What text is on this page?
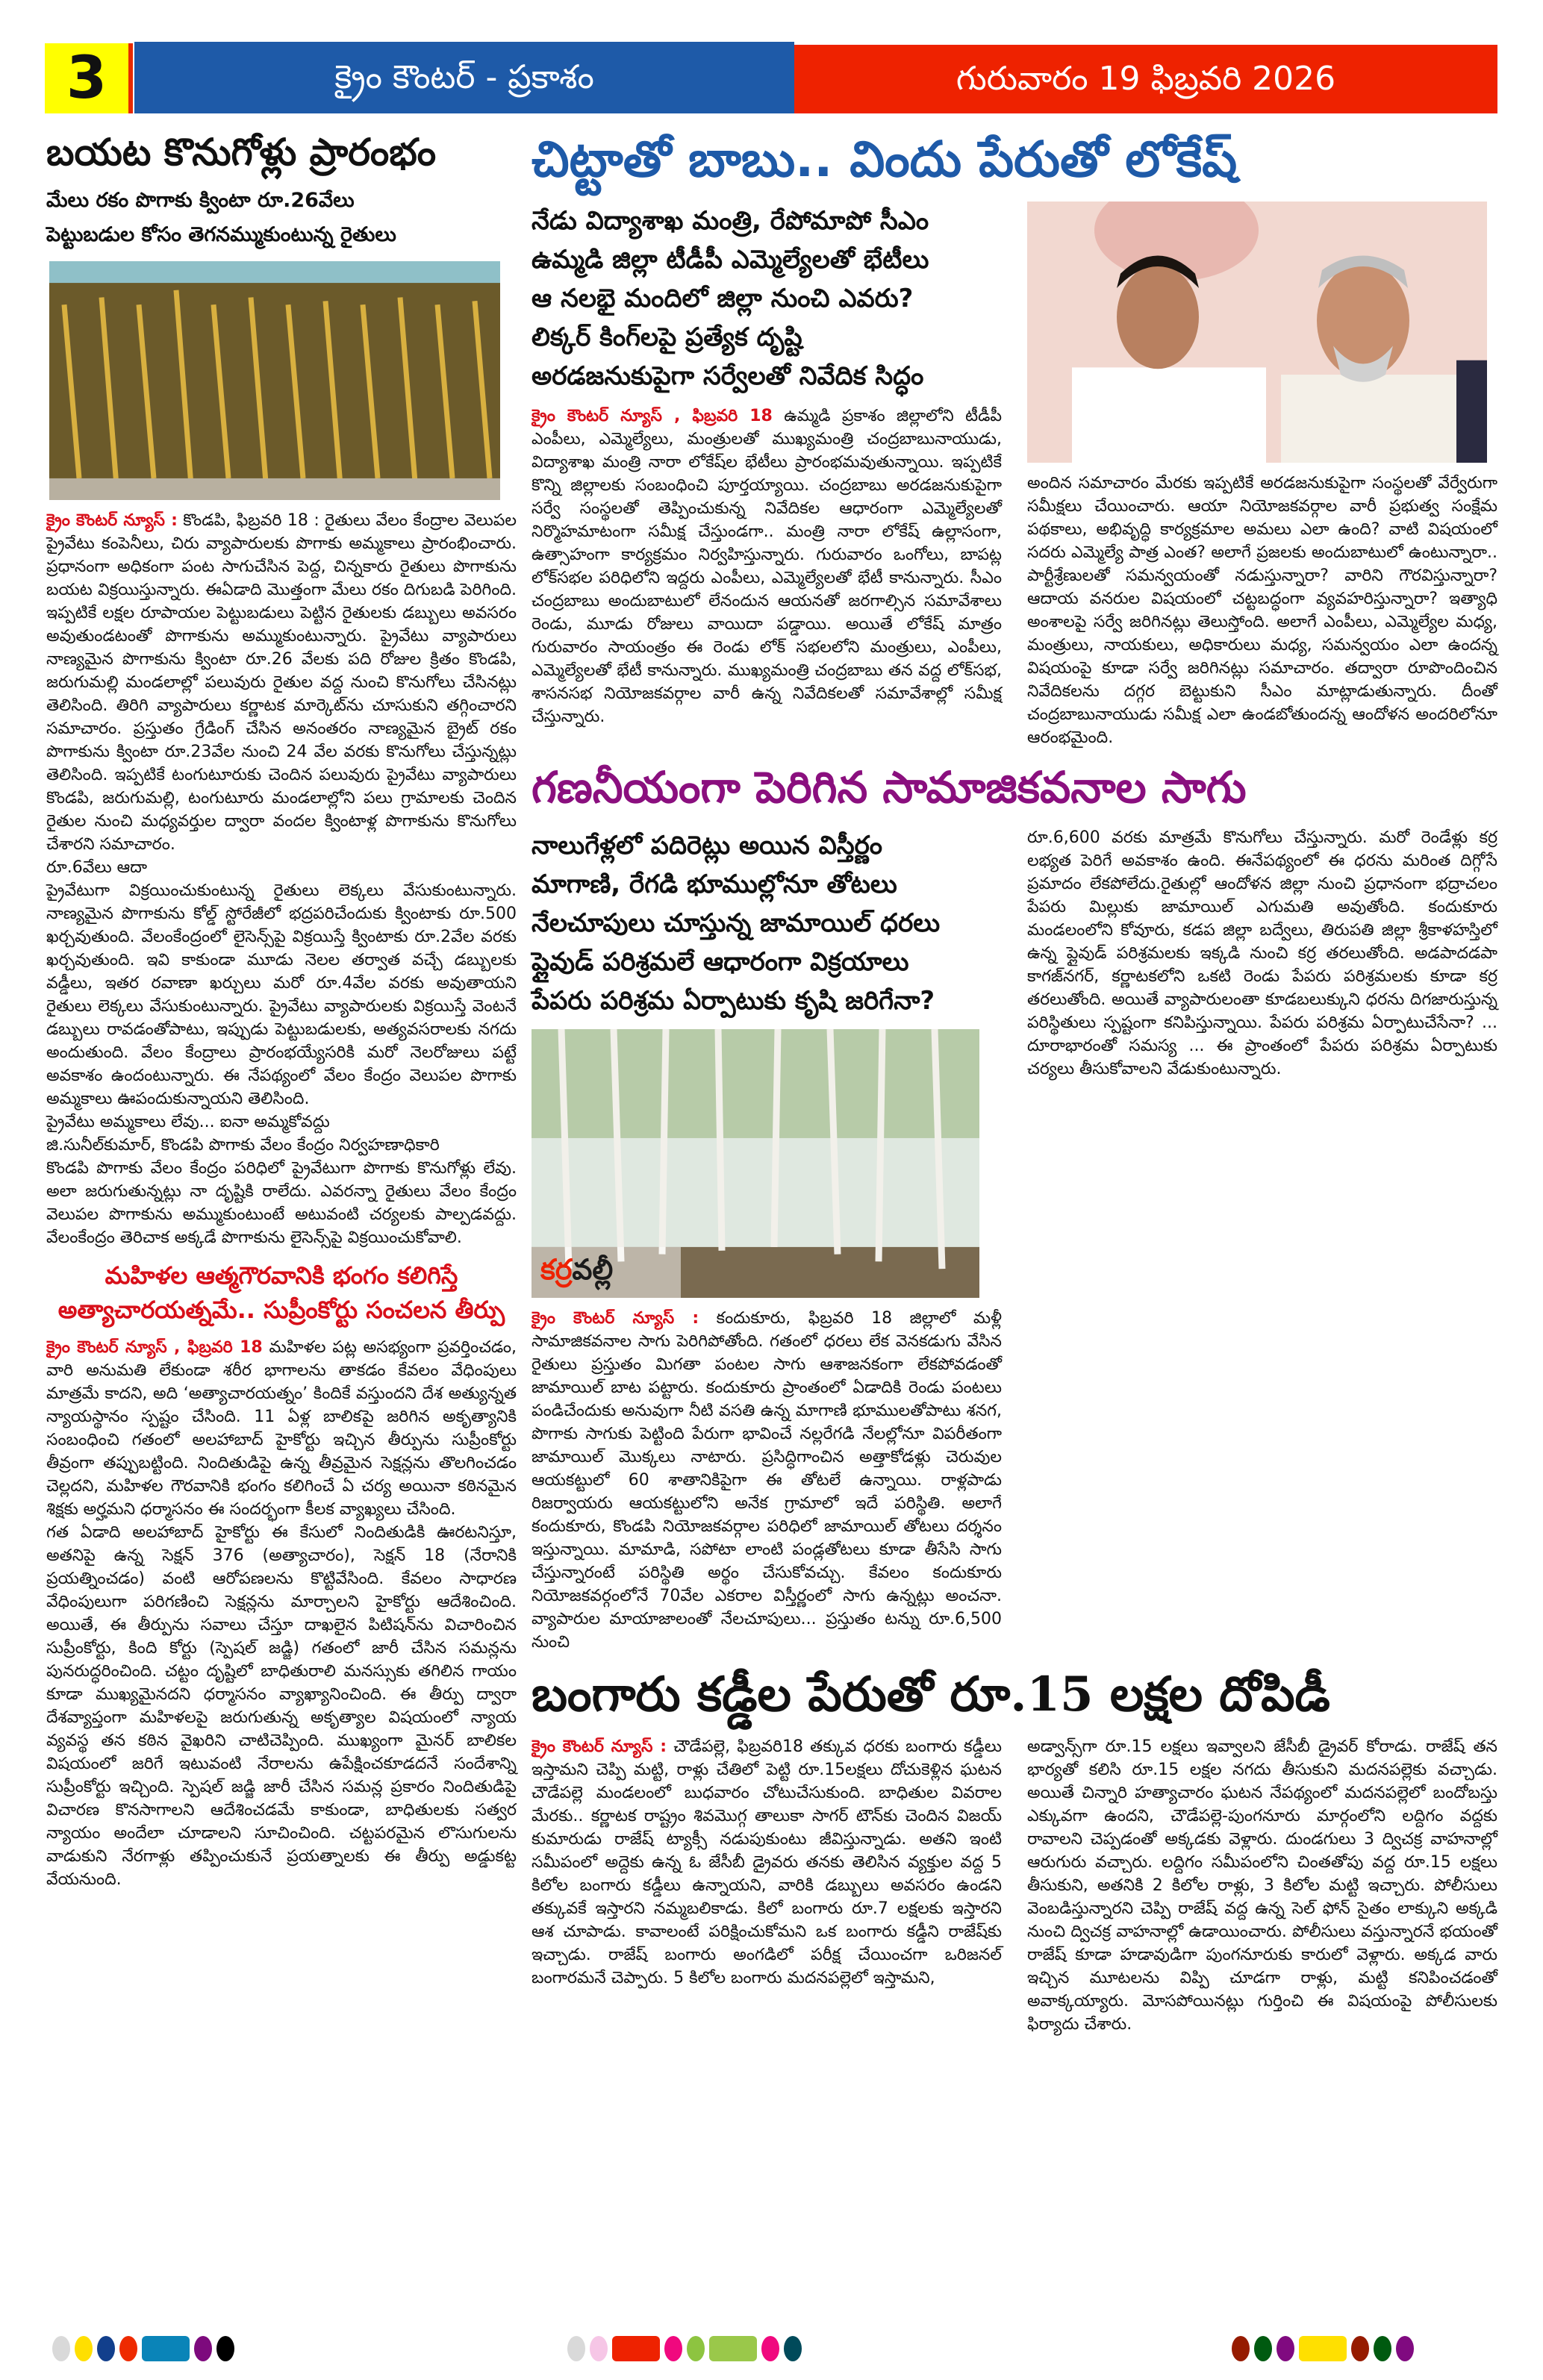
3	క్రైం కౌంటర్ - ప్రకాశం	గురువారం 19 ఫిబ్రవరి 2026
బయట కొనుగోళ్లు ప్రారంభం
మేలు రకం పొగాకు క్వింటా రూ.26వేలు
పెట్టుబడుల కోసం తెగనమ్ముకుంటున్న రైతులు

క్రైం కౌంటర్ న్యూస్ : కొండపి, ఫిబ్రవరి 18 : రైతులు వేలం కేంద్రాల వెలుపల ప్రైవేటు కంపెనీలు, చిరు వ్యాపారులకు పొగాకు అమ్మకాలు ప్రారంభించారు. ప్రధానంగా అధికంగా పంట సాగుచేసిన పెద్ద, చిన్నకారు రైతులు పొగాకును బయట విక్రయిస్తున్నారు. ఈఏడాది మొత్తంగా మేలు రకం దిగుబడి పెరిగింది. ఇప్పటికే లక్షల రూపాయల పెట్టుబడులు పెట్టిన రైతులకు డబ్బులు అవసరం అవుతుండటంతో పొగాకును అమ్ముకుంటున్నారు. ప్రైవేటు వ్యాపారులు నాణ్యమైన పొగాకును క్వింటా రూ.26 వేలకు పది రోజుల క్రితం కొండపి, జరుగుమల్లి మండలాల్లో పలువురు రైతుల వద్ద నుంచి కొనుగోలు చేసినట్లు తెలిసింది. తిరిగి వ్యాపారులు కర్ణాటక మార్కెట్‌ను చూసుకుని తగ్గించారని సమాచారం. ప్రస్తుతం గ్రేడింగ్ చేసిన అనంతరం నాణ్యమైన బ్రైట్ రకం పొగాకును క్వింటా రూ.23వేల నుంచి 24 వేల వరకు కొనుగోలు చేస్తున్నట్లు తెలిసింది. ఇప్పటికే టంగుటూరుకు చెందిన పలువురు ప్రైవేటు వ్యాపారులు కొండపి, జరుగుమల్లి, టంగుటూరు మండలాల్లోని పలు గ్రామాలకు చెందిన రైతుల నుంచి మధ్యవర్తుల ద్వారా వందల క్వింటాళ్ల పొగాకును కొనుగోలు చేశారని సమాచారం.

రూ.6వేలు ఆదా

ప్రైవేటుగా విక్రయించుకుంటున్న రైతులు లెక్కలు వేసుకుంటున్నారు. నాణ్యమైన పొగాకును కోల్డ్ స్టోరేజీలో భద్రపరిచేందుకు క్వింటాకు రూ.500 ఖర్చవుతుంది. వేలంకేంద్రంలో లైసెన్స్‌పై విక్రయిస్తే క్వింటాకు రూ.2వేల వరకు ఖర్చవుతుంది. ఇవి కాకుండా మూడు నెలల తర్వాత వచ్చే డబ్బులకు వడ్డీలు, ఇతర రవాణా ఖర్చులు మరో రూ.4వేల వరకు అవుతాయని రైతులు లెక్కలు వేసుకుంటున్నారు. ప్రైవేటు వ్యాపారులకు విక్రయిస్తే వెంటనే డబ్బులు రావడంతోపాటు, ఇప్పుడు పెట్టుబడులకు, అత్యవసరాలకు నగదు అందుతుంది. వేలం కేంద్రాలు ప్రారంభయ్యేసరికి మరో నెలరోజులు పట్టే అవకాశం ఉందంటున్నారు. ఈ నేపథ్యంలో వేలం కేంద్రం వెలుపల పొగాకు అమ్మకాలు ఊపందుకున్నాయని తెలిసింది.

ప్రైవేటు అమ్మకాలు లేవు... ఐనా అమ్మకోవద్దు

జి.సునీల్‌కుమార్, కొండపి పొగాకు వేలం కేంద్రం నిర్వహణాధికారి

కొండపి పొగాకు వేలం కేంద్రం పరిధిలో ప్రైవేటుగా పొగాకు కొనుగోళ్లు లేవు. అలా జరుగుతున్నట్లు నా దృష్టికి రాలేదు. ఎవరన్నా రైతులు వేలం కేంద్రం వెలుపల పొగాకును అమ్ముకుంటుంటే అటువంటి చర్యలకు పాల్పడవద్దు. వేలంకేంద్రం తెరిచాక అక్కడే పొగాకును లైసెన్స్‌పై విక్రయించుకోవాలి.

మహిళల ఆత్మగౌరవానికి భంగం కలిగిస్తే
అత్యాచారయత్నమే.. సుప్రీంకోర్టు సంచలన తీర్పు

క్రైం కౌంటర్ న్యూస్ , ఫిబ్రవరి 18 మహిళల పట్ల అసభ్యంగా ప్రవర్తించడం, వారి అనుమతి లేకుండా శరీర భాగాలను తాకడం కేవలం వేధింపులు మాత్రమే కాదని, అది ‘అత్యాచారయత్నం’ కిందికే వస్తుందని దేశ అత్యున్నత న్యాయస్థానం స్పష్టం చేసింది. 11 ఏళ్ల బాలికపై జరిగిన అకృత్యానికి సంబంధించి గతంలో అలహాబాద్ హైకోర్టు ఇచ్చిన తీర్పును సుప్రీంకోర్టు తీవ్రంగా తప్పుబట్టింది. నిందితుడిపై ఉన్న తీవ్రమైన సెక్షన్లను తొలగించడం చెల్లదని, మహిళల గౌరవానికి భంగం కలిగించే ఏ చర్య అయినా కఠినమైన శిక్షకు అర్హమని ధర్మాసనం ఈ సందర్భంగా కీలక వ్యాఖ్యలు చేసింది.

గత ఏడాది అలహాబాద్ హైకోర్టు ఈ కేసులో నిందితుడికి ఊరటనిస్తూ, అతనిపై ఉన్న సెక్షన్ 376 (అత్యాచారం), సెక్షన్ 18 (నేరానికి ప్రయత్నించడం) వంటి ఆరోపణలను కొట్టివేసింది. కేవలం సాధారణ వేధింపులుగా పరిగణించి సెక్షన్లను మార్చాలని హైకోర్టు ఆదేశించింది. అయితే, ఈ తీర్పును సవాలు చేస్తూ దాఖలైన పిటిషన్‌ను విచారించిన సుప్రీంకోర్టు, కింది కోర్టు (స్పెషల్ జడ్జి) గతంలో జారీ చేసిన సమన్లను పునరుద్ధరించింది. చట్టం దృష్టిలో బాధితురాలి మనస్సుకు తగిలిన గాయం కూడా ముఖ్యమైనదని ధర్మాసనం వ్యాఖ్యానించింది. ఈ తీర్పు ద్వారా దేశవ్యాప్తంగా మహిళలపై జరుగుతున్న అకృత్యాల విషయంలో న్యాయ వ్యవస్థ తన కఠిన వైఖరిని చాటిచెప్పింది. ముఖ్యంగా మైనర్ బాలికల విషయంలో జరిగే ఇటువంటి నేరాలను ఉపేక్షించకూడదనే సందేశాన్ని సుప్రీంకోర్టు ఇచ్చింది. స్పెషల్ జడ్జి జారీ చేసిన సమన్ల ప్రకారం నిందితుడిపై విచారణ కొనసాగాలని ఆదేశించడమే కాకుండా, బాధితులకు సత్వర న్యాయం అందేలా చూడాలని సూచించింది. చట్టపరమైన లొసుగులను వాడుకుని నేరగాళ్లు తప్పించుకునే ప్రయత్నాలకు ఈ తీర్పు అడ్డుకట్ట వేయనుంది.

చిట్టాతో బాబు.. విందు పేరుతో లోకేష్
నేడు విద్యాశాఖ మంత్రి, రేపోమాపో సీఎం
ఉమ్మడి జిల్లా టీడీపీ ఎమ్మెల్యేలతో భేటీలు
ఆ నలభై మందిలో జిల్లా నుంచి ఎవరు?
లిక్కర్ కింగ్‌లపై ప్రత్యేక దృష్టి
అరడజనుకుపైగా సర్వేలతో నివేదిక సిద్ధం

క్రైం కౌంటర్ న్యూస్ , ఫిబ్రవరి 18 ఉమ్మడి ప్రకాశం జిల్లాలోని టీడీపీ ఎంపీలు, ఎమ్మెల్యేలు, మంత్రులతో ముఖ్యమంత్రి చంద్రబాబునాయుడు, విద్యాశాఖ మంత్రి నారా లోకేష్‌ల భేటీలు ప్రారంభమవుతున్నాయి. ఇప్పటికే కొన్ని జిల్లాలకు సంబంధించి పూర్తయ్యాయి. చంద్రబాబు అరడజనుకుపైగా సర్వే సంస్థలతో తెప్పించుకున్న నివేదికల ఆధారంగా ఎమ్మెల్యేలతో నిర్మొహమాటంగా సమీక్ష చేస్తుండగా.. మంత్రి నారా లోకేష్ ఉల్లాసంగా, ఉత్సాహంగా కార్యక్రమం నిర్వహిస్తున్నారు. గురువారం ఒంగోలు, బాపట్ల లోక్‌సభల పరిధిలోని ఇద్దరు ఎంపీలు, ఎమ్మెల్యేలతో భేటీ కానున్నారు. సీఎం చంద్రబాబు అందుబాటులో లేనందున ఆయనతో జరగాల్సిన సమావేశాలు రెండు, మూడు రోజులు వాయిదా పడ్డాయి. అయితే లోకేష్ మాత్రం గురువారం సాయంత్రం ఈ రెండు లోక్ సభలలోని మంత్రులు, ఎంపీలు, ఎమ్మెల్యేలతో భేటీ కానున్నారు. ముఖ్యమంత్రి చంద్రబాబు తన వద్ద లోక్‌సభ, శాసనసభ నియోజకవర్గాల వారీ ఉన్న నివేదికలతో సమావేశాల్లో సమీక్ష చేస్తున్నారు.

అందిన సమాచారం మేరకు ఇప్పటికే అరడజనుకుపైగా సంస్థలతో వేర్వేరుగా సమీక్షలు చేయించారు. ఆయా నియోజకవర్గాల వారీ ప్రభుత్వ సంక్షేమ పథకాలు, అభివృద్ధి కార్యక్రమాల అమలు ఎలా ఉంది? వాటి విషయంలో సదరు ఎమ్మెల్యే పాత్ర ఎంత? అలాగే ప్రజలకు అందుబాటులో ఉంటున్నారా.. పార్టీశ్రేణులతో సమన్వయంతో నడుస్తున్నారా? వారిని గౌరవిస్తున్నారా? ఆదాయ వనరుల విషయంలో చట్టబద్ధంగా వ్యవహరిస్తున్నారా? ఇత్యాధి అంశాలపై సర్వే జరిగినట్లు తెలుస్తోంది. అలాగే ఎంపీలు, ఎమ్మెల్యేల మధ్య, మంత్రులు, నాయకులు, అధికారులు మధ్య, సమన్వయం ఎలా ఉందన్న విషయంపై కూడా సర్వే జరిగినట్లు సమాచారం. తద్వారా రూపొందించిన నివేదికలను దగ్గర బెట్టుకుని సీఎం మాట్లాడుతున్నారు. దీంతో చంద్రబాబునాయుడు సమీక్ష ఎలా ఉండబోతుందన్న ఆందోళన అందరిలోనూ ఆరంభమైంది.

గణనీయంగా పెరిగిన సామాజికవనాల సాగు
నాలుగేళ్లలో పదిరెట్లు అయిన విస్తీర్ణం
మాగాణి, రేగడి భూముల్లోనూ తోటలు
నేలచూపులు చూస్తున్న జామాయిల్ ధరలు
ప్లైవుడ్ పరిశ్రమలే ఆధారంగా విక్రయాలు
పేపరు పరిశ్రమ ఏర్పాటుకు కృషి జరిగేనా?
కర్రవల్లీ

క్రైం కౌంటర్ న్యూస్ : కందుకూరు, ఫిబ్రవరి 18 జిల్లాలో మళ్లీ సామాజికవనాల సాగు పెరిగిపోతోంది. గతంలో ధరలు లేక వెనకడుగు వేసిన రైతులు ప్రస్తుతం మిగతా పంటల సాగు ఆశాజనకంగా లేకపోవడంతో జామాయిల్ బాట పట్టారు. కందుకూరు ప్రాంతంలో ఏడాదికి రెండు పంటలు పండిచేందుకు అనువుగా నీటి వసతి ఉన్న మాగాణి భూములతోపాటు శనగ, పొగాకు సాగుకు పెట్టింది పేరుగా భావించే నల్లరేగడి నేలల్లోనూ విపరీతంగా జామాయిల్ మొక్కలు నాటారు. ప్రసిద్ధిగాంచిన అత్తాకోడళ్లు చెరువుల ఆయకట్టులో 60 శాతానికిపైగా ఈ తోటలే ఉన్నాయి. రాళ్లపాడు రిజర్వాయరు ఆయకట్టులోని అనేక గ్రామాలో ఇదే పరిస్థితి. అలాగే కందుకూరు, కొండపి నియోజకవర్గాల పరిధిలో జామాయిల్ తోటలు దర్శనం ఇస్తున్నాయి. మామాడి, సపోటా లాంటి పండ్లతోటలు కూడా తీసేసి సాగు చేస్తున్నారంటే పరిస్థితి అర్థం చేసుకోవచ్చు. కేవలం కందుకూరు నియోజకవర్గంలోనే 70వేల ఎకరాల విస్తీర్ణంలో సాగు ఉన్నట్లు అంచనా. వ్యాపారుల మాయాజాలంతో నేలచూపులు... ప్రస్తుతం టన్ను రూ.6,500 నుంచి

రూ.6,600 వరకు మాత్రమే కొనుగోలు చేస్తున్నారు. మరో రెండేళ్లు కర్ర లభ్యత పెరిగే అవకాశం ఉంది. ఈనేపథ్యంలో ఈ ధరను మరింత దిగ్గోసే ప్రమాదం లేకపోలేదు.రైతుల్లో ఆందోళన జిల్లా నుంచి ప్రధానంగా భద్రాచలం పేపరు మిల్లుకు జామాయిల్ ఎగుమతి అవుతోంది. కందుకూరు మండలంలోని కోవూరు, కడప జిల్లా బద్వేలు, తిరుపతి జిల్లా శ్రీకాళహస్తిలో ఉన్న ప్లైవుడ్ పరిశ్రమలకు ఇక్కడి నుంచి కర్ర తరలుతోంది. అడపాదడపా కాగజ్‌నగర్, కర్ణాటకలోని ఒకటి రెండు పేపరు పరిశ్రమలకు కూడా కర్ర తరలుతోంది. అయితే వ్యాపారులంతా కూడబలుక్కుని ధరను దిగజారుస్తున్న పరిస్థితులు స్పష్టంగా కనిపిస్తున్నాయి. పేపరు పరిశ్రమ ఏర్పాటుచేసేనా? ... దూరాభారంతో సమస్య ... ఈ ప్రాంతంలో పేపరు పరిశ్రమ ఏర్పాటుకు చర్యలు తీసుకోవాలని వేడుకుంటున్నారు.

బంగారు కడ్డీల పేరుతో రూ.15 లక్షల దోపిడీ

క్రైం కౌంటర్ న్యూస్ : చౌడేపల్లె, ఫిబ్రవరి18 తక్కువ ధరకు బంగారు కడ్డీలు ఇస్తామని చెప్పి మట్టి, రాళ్లు చేతిలో పెట్టి రూ.15లక్షలు దోచుకెళ్లిన ఘటన చౌడేపల్లె మండలంలో బుధవారం చోటుచేసుకుంది. బాధితుల వివరాల మేరకు.. కర్ణాటక రాష్ట్రం శివమొగ్గ తాలుకా సాగర్ టౌన్‌కు చెందిన విజయ్ కుమారుడు రాజేష్ ట్యాక్సీ నడుపుకుంటు జీవిస్తున్నాడు. అతని ఇంటి సమీపంలో అద్దెకు ఉన్న ఓ జేసీబీ డ్రైవరు తనకు తెలిసిన వ్యక్తుల వద్ద 5 కిలోల బంగారు కడ్డీలు ఉన్నాయని, వారికి డబ్బులు అవసరం ఉండని తక్కువకే ఇస్తారని నమ్మబలికాడు. కిలో బంగారు రూ.7 లక్షలకు ఇస్తారని ఆశ చూపాడు. కావాలంటే పరిక్షించుకోమని ఒక బంగారు కడ్డీని రాజేష్‌కు ఇచ్చాడు. రాజేష్ బంగారు అంగడిలో పరీక్ష చేయించగా ఒరిజనల్ బంగారమనే చెప్పారు. 5 కిలోల బంగారు మదనపల్లెలో ఇస్తామని,

అడ్వాన్స్‌గా రూ.15 లక్షలు ఇవ్వాలని జేసీబీ డ్రైవర్ కోరాడు. రాజేష్ తన భార్యతో కలిసి రూ.15 లక్షల నగదు తీసుకుని మదనపల్లెకు వచ్చాడు. అయితే చిన్నారి హత్యాచారం ఘటన నేపథ్యంలో మదనపల్లెలో బందోబస్తు ఎక్కువగా ఉందని, చౌడేపల్లె-పుంగనూరు మార్గంలోని లద్దిగం వద్దకు రావాలని చెప్పడంతో అక్కడకు వెళ్లారు. దుండగులు 3 ద్విచక్ర వాహనాల్లో ఆరుగురు వచ్చారు. లద్దిగం సమీపంలోని చింతతోపు వద్ద రూ.15 లక్షలు తీసుకుని, అతనికి 2 కిలోల రాళ్లు, 3 కిలోల మట్టి ఇచ్చారు. పోలీసులు వెంబడిస్తున్నారని చెప్పి రాజేష్ వద్ద ఉన్న సెల్ ఫోన్ సైతం లాక్కుని అక్కడి నుంచి ద్విచక్ర వాహనాల్లో ఉడాయించారు. పోలీసులు వస్తున్నారనే భయంతో రాజేష్ కూడా హడావుడిగా పుంగనూరుకు కారులో వెళ్లారు. అక్కడ వారు ఇచ్చిన మూటలను విప్పి చూడగా రాళ్లు, మట్టి కనిపించడంతో అవాక్కయ్యారు. మోసపోయినట్లు గుర్తించి ఈ విషయంపై పోలీసులకు ఫిర్యాదు చేశారు.
